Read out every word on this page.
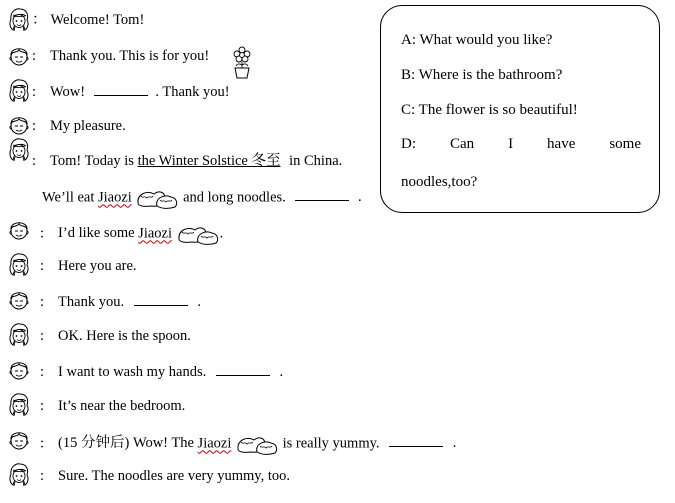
： Welcome! Tom!
: Thank you. This is for you!
: Wow!	. Thank you!
: My pleasure.
: Tom! Today is the Winter Solstice 冬至 in China.
We’ll eat Jiaozi	and long noodles.	.
: I’d like some Jiaozi	.
: Here you are.
: Thank you.	.
: OK. Here is the spoon.
: I want to wash my hands.	.
: It’s near the bedroom.
: (15 分钟后) Wow! The Jiaozi	is really yummy.	.
: Sure. The noodles are very yummy, too.
A: What would you like?
B: Where is the bathroom?
C: The flower is so beautiful!
D: Can I have some
noodles,too?
